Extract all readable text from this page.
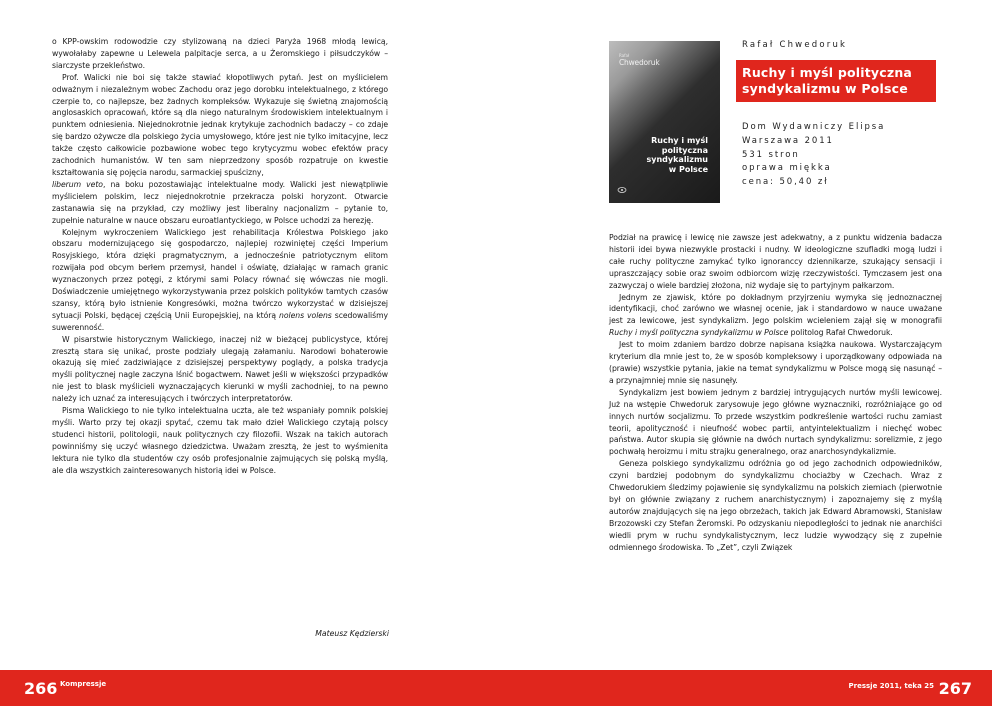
o KPP-owskim rodowodzie czy stylizowaną na dzieci Paryża 1968 młodą lewicą, wywołałaby zapewne u Lelewela palpitacje serca, a u Żeromskiego i piłsudczyków – siarczyste przekleństwo.

Prof. Walicki nie boi się także stawiać kłopotliwych pytań. Jest on myślicielem odważnym i niezależnym wobec Zachodu oraz jego dorobku intelektualnego, z którego czerpie to, co najlepsze, bez żadnych kompleksów. Wykazuje się świetną znajomością anglosaskich opracowań, które są dla niego naturalnym środowiskiem intelektualnym i punktem odniesienia. Niejednokrotnie jednak krytykuje zachodnich badaczy – co zdaje się bardzo ożywcze dla polskiego życia umysłowego, które jest nie tylko imitacyjne, lecz także często całkowicie pozbawione wobec tego krytycyzmu wobec efektów pracy zachodnich humanistów. W ten sam nieprzedzony sposób rozpatruje on kwestie kształtowania się pojęcia narodu, sarmackiej spuścizny,

liberum veto, na boku pozostawiając intelektualne mody. Walicki jest niewątpliwie myślicielem polskim, lecz niejednokrotnie przekracza polski horyzont. Otwarcie zastanawia się na przykład, czy możliwy jest liberalny nacjonalizm – pytanie to, zupełnie naturalne w nauce obszaru euroatlantyckiego, w Polsce uchodzi za herezję.

Kolejnym wykroczeniem Walickiego jest rehabilitacja Królestwa Polskiego jako obszaru modernizującego się gospodarczo, najlepiej rozwiniętej części Imperium Rosyjskiego, która dzięki pragmatycznym, a jednocześnie patriotycznym elitom rozwijała pod obcym berłem przemysł, handel i oświatę, działając w ramach granic wyznaczonych przez potęgi, z którymi sami Polacy równać się wówczas nie mogli. Doświadczenie umiejętnego wykorzystywania przez polskich polityków tamtych czasów szansy, którą było istnienie Kongresówki, można twórczo wykorzystać w dzisiejszej sytuacji Polski, będącej częścią Unii Europejskiej, na którą nolens volens scedowaliśmy suwerenność.

W pisarstwie historycznym Walickiego, inaczej niż w bieżącej publicystyce, której zresztą stara się unikać, proste podziały ulegają załamaniu. Narodowi bohaterowie okazują się mieć zadziwiające z dzisiejszej perspektywy poglądy, a polska tradycja myśli politycznej nagle zaczyna lśnić bogactwem. Nawet jeśli w większości przypadków nie jest to blask myślicieli wyznaczających kierunki w myśli zachodniej, to na pewno należy ich uznać za interesujących i twórczych interpretatorów.

Pisma Walickiego to nie tylko intelektualna uczta, ale też wspaniały pomnik polskiej myśli. Warto przy tej okazji spytać, czemu tak mało dzieł Walickiego czytają polscy studenci historii, politologii, nauk politycznych czy filozofii. Wszak na takich autorach powinniśmy się uczyć własnego dziedzictwa. Uważam zresztą, że jest to wyśmienita lektura nie tylko dla studentów czy osób profesjonalnie zajmujących się polską myślą, ale dla wszystkich zainteresowanych historią idei w Polsce.

Mateusz Kędzierski
Rafał
Chwedoruk
Ruchy i myśl
polityczna
syndykalizmu
w Polsce
Rafał Chwedoruk
Ruchy i myśl polityczna
syndykalizmu w Polsce
Dom Wydawniczy Elipsa
Warszawa 2011
531 stron
oprawa miękka
cena: 50,40 zł

Podział na prawicę i lewicę nie zawsze jest adekwatny, a z punktu widzenia badacza historii idei bywa niezwykle prostacki i nudny. W ideologiczne szufladki mogą ludzi i całe ruchy polityczne zamykać tylko ignoranccy dziennikarze, szukający sensacji i upraszczający sobie oraz swoim odbiorcom wizję rzeczywistości. Tymczasem jest ona zazwyczaj o wiele bardziej złożona, niż wydaje się to partyjnym pałkarzom.

Jednym ze zjawisk, które po dokładnym przyjrzeniu wymyka się jednoznacznej identyfikacji, choć zarówno we własnej ocenie, jak i standardowo w nauce uważane jest za lewicowe, jest syndykalizm. Jego polskim wcieleniem zajął się w monografii Ruchy i myśl polityczna syndykalizmu w Polsce politolog Rafał Chwedoruk.

Jest to moim zdaniem bardzo dobrze napisana książka naukowa. Wystarczającym kryterium dla mnie jest to, że w sposób kompleksowy i uporządkowany odpowiada na (prawie) wszystkie pytania, jakie na temat syndykalizmu w Polsce mogą się nasunąć – a przynajmniej mnie się nasunęły.

Syndykalizm jest bowiem jednym z bardziej intrygujących nurtów myśli lewicowej. Już na wstępie Chwedoruk zarysowuje jego główne wyznaczniki, rozróżniające go od innych nurtów socjalizmu. To przede wszystkim podkreślenie wartości ruchu zamiast teorii, apolityczność i nieufność wobec partii, antyintelektualizm i niechęć wobec państwa. Autor skupia się głównie na dwóch nurtach syndykalizmu: sorelizmie, z jego pochwałą heroizmu i mitu strajku generalnego, oraz anarchosyndykalizmie.

Geneza polskiego syndykalizmu odróżnia go od jego zachodnich odpowiedników, czyni bardziej podobnym do syndykalizmu chociażby w Czechach. Wraz z Chwedorukiem śledzimy pojawienie się syndykalizmu na polskich ziemiach (pierwotnie był on głównie związany z ruchem anarchistycznym) i zapoznajemy się z myślą autorów znajdujących się na jego obrzeżach, takich jak Edward Abramowski, Stanisław Brzozowski czy Stefan Żeromski. Po odzyskaniu niepodległości to jednak nie anarchiści wiedli prym w ruchu syndykalistycznym, lecz ludzie wywodzący się z zupełnie odmiennego środowiska. To „Zet”, czyli Związek

266 Kompressje	Pressje 2011, teka 25 267
